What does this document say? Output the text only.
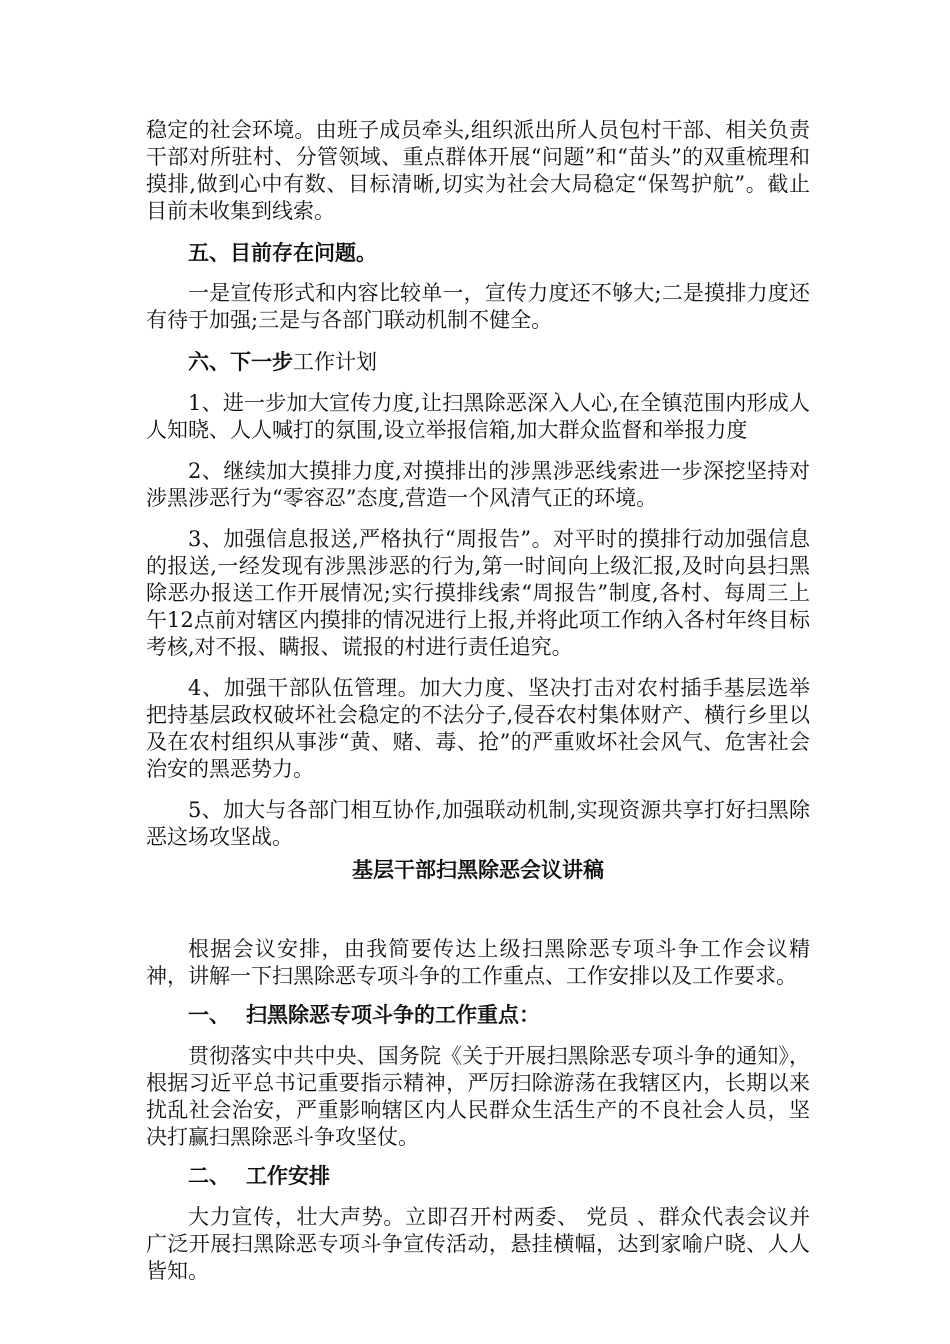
稳定的社会环境。由班子成员牵头,组织派出所人员包村干部、相关负责干部对所驻村、分管领域、重点群体开展“问题”和“苗头”的双重梳理和摸排,做到心中有数、目标清晰,切实为社会大局稳定“保驾护航”。截止目前未收集到线索。

五、目前存在问题。

一是宣传形式和内容比较单一，宣传力度还不够大;二是摸排力度还有待于加强;三是与各部门联动机制不健全。

六、下一步工作计划

1、进一步加大宣传力度,让扫黑除恶深入人心,在全镇范围内形成人人知晓、人人喊打的氛围,设立举报信箱,加大群众监督和举报力度

2、继续加大摸排力度,对摸排出的涉黑涉恶线索进一步深挖坚持对涉黑涉恶行为“零容忍”态度,营造一个风清气正的环境。

3、加强信息报送,严格执行“周报告”。对平时的摸排行动加强信息的报送,一经发现有涉黑涉恶的行为,第一时间向上级汇报,及时向县扫黑除恶办报送工作开展情况;实行摸排线索“周报告”制度,各村、每周三上午12点前对辖区内摸排的情况进行上报,并将此项工作纳入各村年终目标考核,对不报、瞒报、谎报的村进行责任追究。

4、加强干部队伍管理。加大力度、坚决打击对农村插手基层选举把持基层政权破坏社会稳定的不法分子,侵吞农村集体财产、横行乡里以及在农村组织从事涉“黄、赌、毒、抢”的严重败坏社会风气、危害社会治安的黑恶势力。

5、加大与各部门相互协作,加强联动机制,实现资源共享打好扫黑除恶这场攻坚战。

基层干部扫黑除恶会议讲稿

根据会议安排，由我简要传达上级扫黑除恶专项斗争工作会议精神，讲解一下扫黑除恶专项斗争的工作重点、工作安排以及工作要求。

一、 扫黑除恶专项斗争的工作重点：

贯彻落实中共中央、国务院《关于开展扫黑除恶专项斗争的通知》，根据习近平总书记重要指示精神，严厉扫除游荡在我辖区内，长期以来扰乱社会治安，严重影响辖区内人民群众生活生产的不良社会人员，坚决打赢扫黑除恶斗争攻坚仗。

二、 工作安排

大力宣传，壮大声势。立即召开村两委、 党员 、群众代表会议并广泛开展扫黑除恶专项斗争宣传活动，悬挂横幅，达到家喻户晓、人人皆知。
